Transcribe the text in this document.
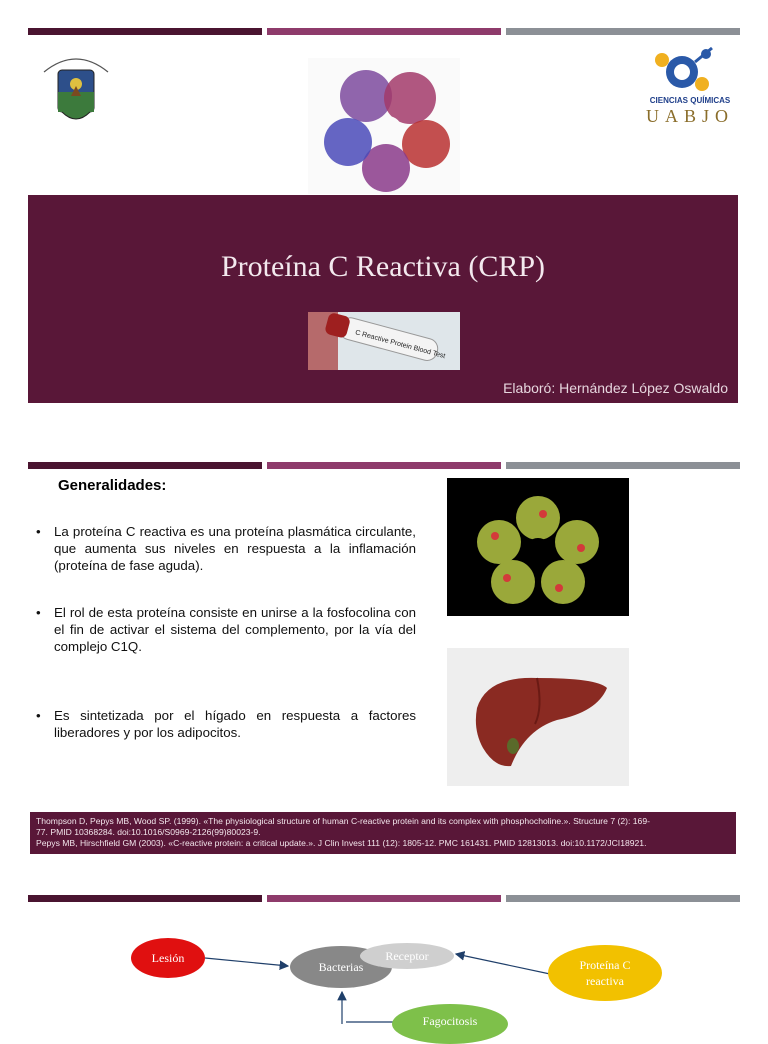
CIENCIAS QUÍMICAS
UABJO
Proteína C Reactiva (CRP)
C Reactive Protein Blood Test
Elaboró: Hernández López Oswaldo
Generalidades:
• La proteína C reactiva es una proteína plasmática circulante, que aumenta sus niveles en respuesta a la inflamación (proteína de fase aguda).
• El rol de esta proteína consiste en unirse a la fosfocolina con el fin de activar el sistema del complemento, por la vía del complejo C1Q.
• Es sintetizada por el hígado en respuesta a factores liberadores y por los adipocitos.
Thompson D, Pepys MB, Wood SP. (1999). «The physiological structure of human C-reactive protein and its complex with phosphocholine.». Structure 7 (2): 169-
77. PMID 10368284. doi:10.1016/S0969-2126(99)80023-9.
Pepys MB, Hirschfield GM (2003). «C-reactive protein: a critical update.». J Clin Invest 111 (12): 1805-12. PMC 161431. PMID 12813013. doi:10.1172/JCI18921.
Lesión
Bacterias
Receptor
Proteína C reactiva
Fagocitosis
